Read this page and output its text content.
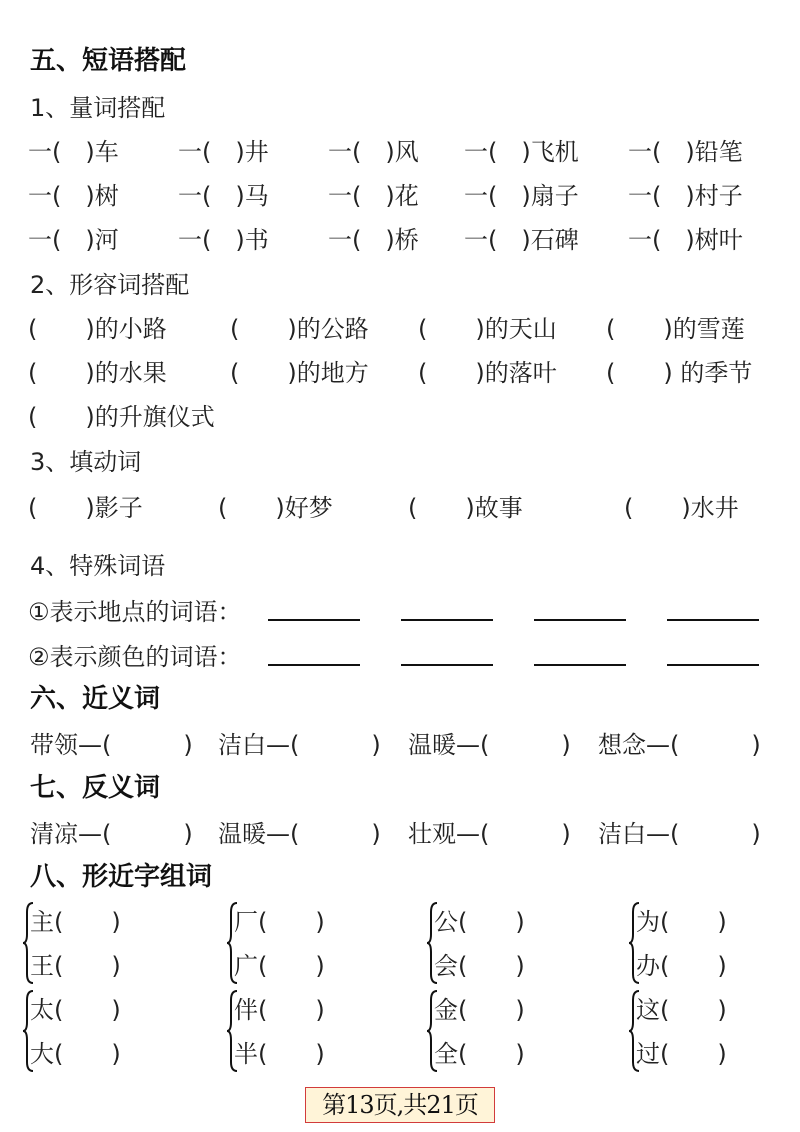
五、短语搭配
1、量词搭配
一(　)车 一(　)井 一(　)风 一(　)飞机 一(　)铅笔
一(　)树 一(　)马 一(　)花 一(　)扇子 一(　)村子
一(　)河 一(　)书 一(　)桥 一(　)石碑 一(　)树叶
2、形容词搭配
(　　)的小路	(　　)的公路 (　　)的天山 (　　)的雪莲
(　　)的水果	(　　)的地方 (　　)的落叶 (　　) 的季节
(　　)的升旗仪式
3、填动词
(　　)影子	(　　)好梦	(　　)故事	(　　)水井
4、特殊词语
①表示地点的词语：
②表示颜色的词语：
六、近义词
带领—(　　　) 洁白—(　　　) 温暖—(　　　) 想念—(　　　)
七、反义词
清凉—(　　　) 温暖—(　　　) 壮观—(　　　) 洁白—(　　　)
八、形近字组词
主(　　)
王(　　)
厂(　　)
广(　　)
公(　　)
会(　　)
为(　　)
办(　　)
太(　　)
大(　　)
伴(　　)
半(　　)
金(　　)
全(　　)
这(　　)
过(　　)
第13页,共21页
